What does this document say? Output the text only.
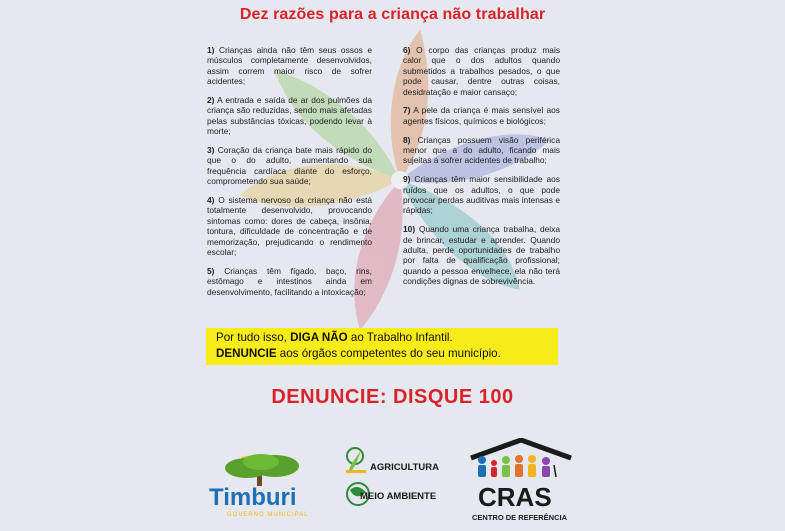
Dez razões para a criança não trabalhar
1) Crianças ainda não têm seus ossos e músculos completamente desenvolvidos, assim correm maior risco de sofrer acidentes;
2) A entrada e saída de ar dos pulmões da criança são reduzidas, sendo mais afetadas pelas substâncias tóxicas, podendo levar à morte;
3) Coração da criança bate mais rápido do que o do adulto, aumentando sua frequência cardíaca diante do esforço, comprometendo sua saúde;
4) O sistema nervoso da criança não está totalmente desenvolvido, provocando sintomas como: dores de cabeça, insônia, tontura, dificuldade de concentração e de memorização, prejudicando o rendimento escolar;
5) Crianças têm fígado, baço, rins, estômago e intestinos ainda em desenvolvimento, facilitando a intoxicação;
6) O corpo das crianças produz mais calor que o dos adultos quando submetidos a trabalhos pesados, o que pode causar, dentre outras coisas, desidratação e maior cansaço;
7) A pele da criança é mais sensível aos agentes físicos, químicos e biológicos;
8) Crianças possuem visão periférica menor que a do adulto, ficando mais sujeitas a sofrer acidentes de trabalho;
9) Crianças têm maior sensibilidade aos ruídos que os adultos, o que pode provocar perdas auditivas mais intensas e rápidas;
10) Quando uma criança trabalha, deixa de brincar, estudar e aprender. Quando adulta, perde oportunidades de trabalho por falta de qualificação profissional; quando a pessoa envelhece, ela não terá condições dignas de sobrevivência.
Por tudo isso, DIGA NÃO ao Trabalho Infantil.
DENUNCIE aos órgãos competentes do seu município.
DENUNCIE: DISQUE 100
Timburi
GOVERNO MUNICIPAL
AGRICULTURA
MEIO AMBIENTE CRAS
CENTRO DE REFERÊNCIA
